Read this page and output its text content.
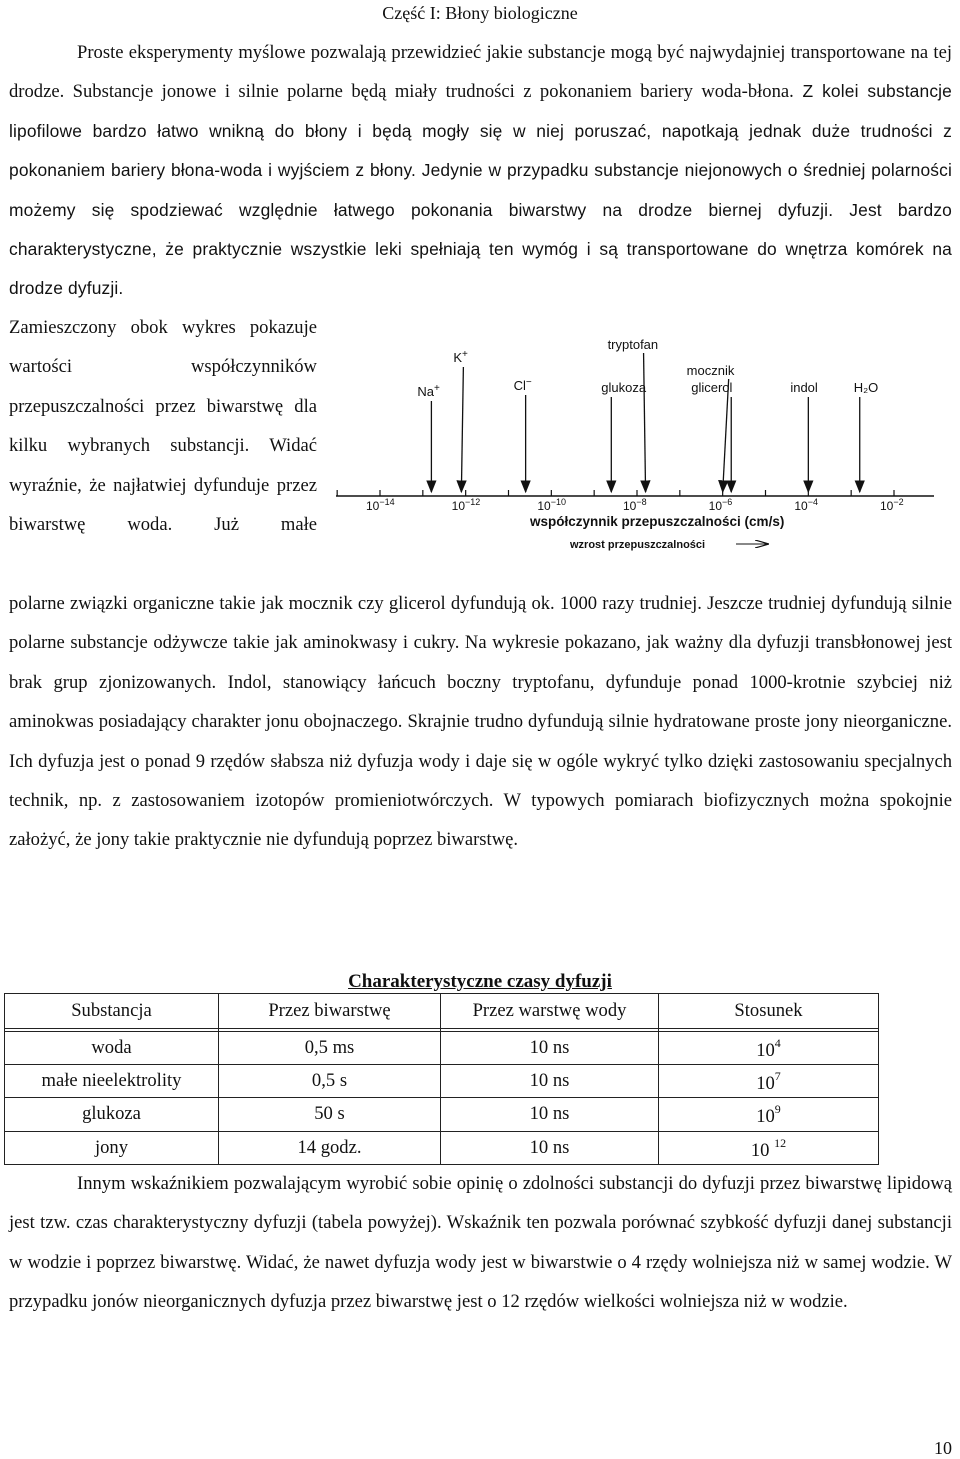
Część I: Błony biologiczne
Proste eksperymenty myślowe pozwalają przewidzieć jakie substancje mogą być najwydajniej transportowane na tej drodze. Substancje jonowe i silnie polarne będą miały trudności z pokonaniem bariery woda-błona. Z kolei substancje lipofilowe bardzo łatwo wnikną do błony i będą mogły się w niej poruszać, napotkają jednak duże trudności z pokonaniem bariery błona-woda i wyjściem z błony. Jedynie w przypadku substancje niejonowych o średniej polarności możemy się spodziewać względnie łatwego pokonania biwarstwy na drodze biernej dyfuzji. Jest bardzo charakterystyczne, że praktycznie wszystkie leki spełniają ten wymóg i są transportowane do wnętrza komórek na drodze dyfuzji.

Zamieszczony obok wykres pokazuje wartości współczynników przepuszczalności przez biwarstwę dla kilku wybranych substancji. Widać wyraźnie, że najłatwiej dyfunduje przez biwarstwę woda. Już małe

$10^{-14}$	$10^{-12}$	$10^{-10}$	$10^{-8}$	$10^{-6}$	$10^{-4}$	$10^{-2}$
Na+
K+
Cl−	glukoza
tryptofan
mocznik
glicerol	indol	H₂O
współczynnik przepuszczalności (cm/s)
wzrost przepuszczalności
polarne związki organiczne takie jak mocznik czy glicerol dyfundują ok. 1000 razy trudniej. Jeszcze trudniej dyfundują silnie polarne substancje odżywcze takie jak aminokwasy i cukry. Na wykresie pokazano, jak ważny dla dyfuzji transbłonowej jest brak grup zjonizowanych. Indol, stanowiący łańcuch boczny tryptofanu, dyfunduje ponad 1000-krotnie szybciej niż aminokwas posiadający charakter jonu obojnaczego. Skrajnie trudno dyfundują silnie hydratowane proste jony nieorganiczne. Ich dyfuzja jest o ponad 9 rzędów słabsza niż dyfuzja wody i daje się w ogóle wykryć tylko dzięki zastosowaniu specjalnych technik, np. z zastosowaniem izotopów promieniotwórczych. W typowych pomiarach biofizycznych można spokojnie założyć, że jony takie praktycznie nie dyfundują poprzez biwarstwę.
Charakterystyczne czasy dyfuzji
Substancja	Przez biwarstwę	Przez warstwę wody	Stosunek

woda	0,5 ms	10 ns	$10^4$
małe nieelektrolity	0,5 s	10 ns	$10^7$
glukoza	50 s	10 ns	$10^9$
jony	14 godz.	10 ns	10 $^{12}$
Innym wskaźnikiem pozwalającym wyrobić sobie opinię o zdolności substancji do dyfuzji przez biwarstwę lipidową jest tzw. czas charakterystyczny dyfuzji (tabela powyżej). Wskaźnik ten pozwala porównać szybkość dyfuzji danej substancji w wodzie i poprzez biwarstwę. Widać, że nawet dyfuzja wody jest w biwarstwie o 4 rzędy wolniejsza niż w samej wodzie. W przypadku jonów nieorganicznych dyfuzja przez biwarstwę jest o 12 rzędów wielkości wolniejsza niż w wodzie.
10
